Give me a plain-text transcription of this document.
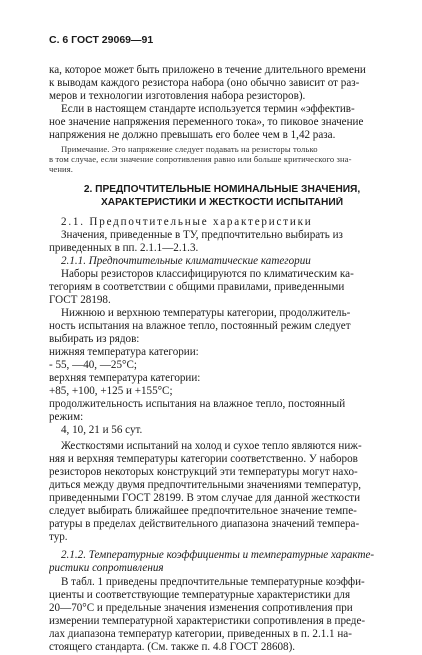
С. 6 ГОСТ 29069—91
ка, которое может быть приложено в течение длительного времени
к выводам каждого резистора набора (оно обычно зависит от раз-
меров и технологии изготовления набора резисторов).
Если в настоящем стандарте используется термин «эффектив-
ное значение напряжения переменного тока», то пиковое значение
напряжения не должно превышать его более чем в 1,42 раза.
Примечание. Это напряжение следует подавать на резисторы только
в том случае, если значение сопротивления равно или больше критического зна-
чения.
2. ПРЕДПОЧТИТЕЛЬНЫЕ НОМИНАЛЬНЫЕ ЗНАЧЕНИЯ,
ХАРАКТЕРИСТИКИ И ЖЕСТКОСТИ ИСПЫТАНИЙ
2.1. Предпочтительные характеристики
Значения, приведенные в ТУ, предпочтительно выбирать из
приведенных в пп. 2.1.1—2.1.3.
2.1.1. Предпочтительные климатические категории
Наборы резисторов классифицируются по климатическим ка-
тегориям в соответствии с общими правилами, приведенными
ГОСТ 28198.
Нижнюю и верхнюю температуры категории, продолжитель-
ность испытания на влажное тепло, постоянный режим следует
выбирать из рядов:
нижняя температура категории:
- 55, —40, —25°С;
верхняя температура категории:
+85, +100, +125 и +155°С;
продолжительность испытания на влажное тепло, постоянный
режим:
4, 10, 21 и 56 сут.
Жесткостями испытаний на холод и сухое тепло являются ниж-
няя и верхняя температуры категории соответственно. У наборов
резисторов некоторых конструкций эти температуры могут нахо-
диться между двумя предпочтительными значениями температур,
приведенными ГОСТ 28199. В этом случае для данной жесткости
следует выбирать ближайшее предпочтительное значение темпе-
ратуры в пределах действительного диапазона значений темпера-
тур.
2.1.2. Температурные коэффициенты и температурные характе-
ристики сопротивления
В табл. 1 приведены предпочтительные температурные коэффи-
циенты и соответствующие температурные характеристики для
20—70°С и предельные значения изменения сопротивления при
измерении температурной характеристики сопротивления в преде-
лах диапазона температур категории, приведенных в п. 2.1.1 на-
стоящего стандарта. (См. также п. 4.8 ГОСТ 28608).
